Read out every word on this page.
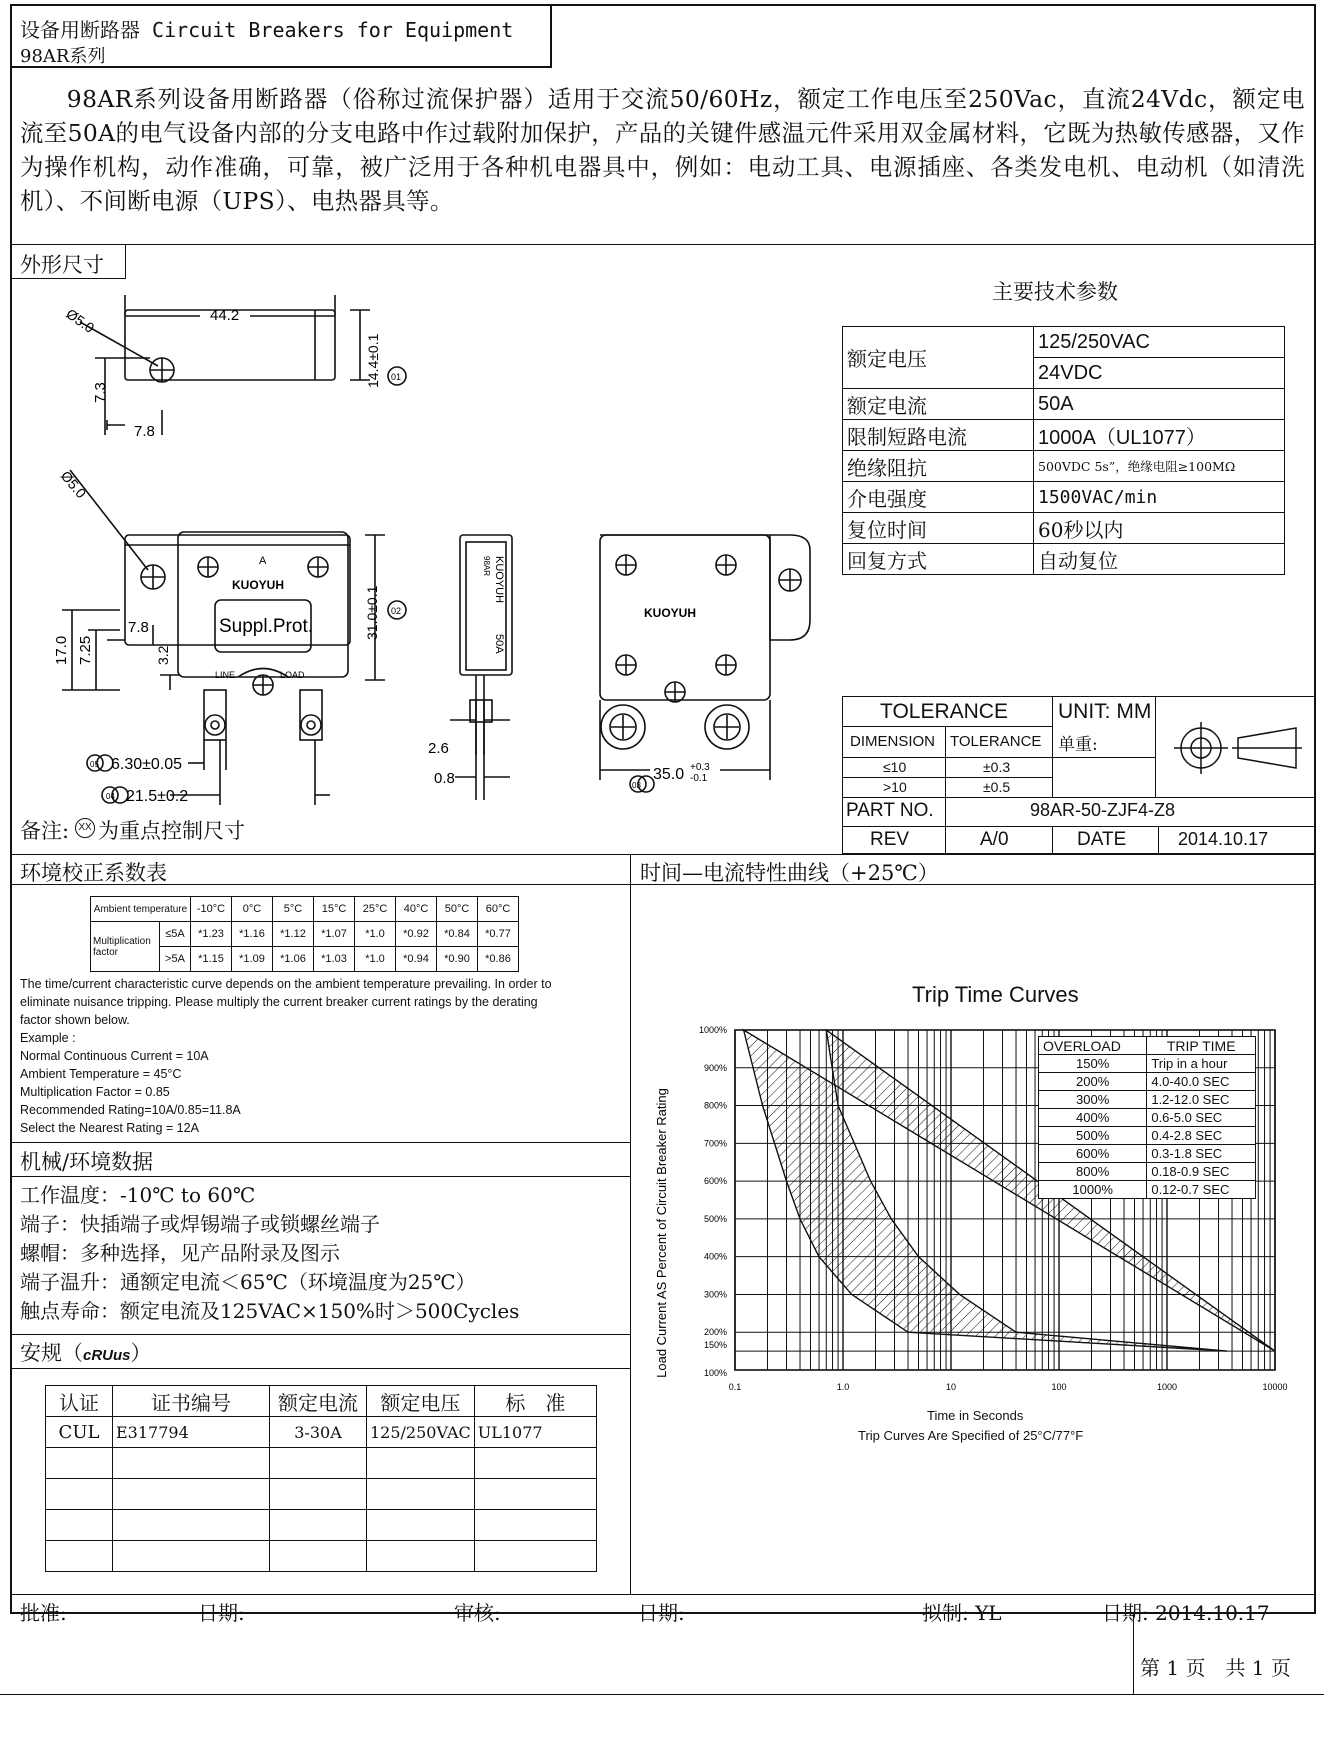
设备用断路器 Circuit Breakers for Equipment
98AR系列
98AR系列设备用断路器（俗称过流保护器）适用于交流50/60Hz，额定工作电压至250Vac，直流24Vdc，额定电流至50A的电气设备内部的分支电路中作过载附加保护，产品的关键件感温元件采用双金属材料，它既为热敏传感器，又作为操作机构，动作准确，可靠，被广泛用于各种机电器具中，例如：电动工具、电源插座、各类发电机、电动机（如清洗机）、不间断电源（UPS）、电热器具等。
外形尺寸
44.2
Ø5.0
7.3
7.8
14.4±0.1 01
Ø5.0
7.8
17.0 7.25	3.2
31.0±0.1 02
A
KUOYUH
Suppl.Prot.
LINE	LOAD
05 6.30±0.05
04 21.5±0.2
KUOYUH
98AR
50A
2.6
0.8
KUOYUH
03
35.0 +0.3
-0.1
备注: XX 为重点控制尺寸
主要技术参数
额定电压	125/250VAC
	24VDC
额定电流	50A
限制短路电流	1000A（UL1077）
绝缘阻抗	500VDC 5s”，绝缘电阻≥100MΩ
介电强度	1500VAC/min
复位时间	60秒以内
回复方式	自动复位
TOLERANCE UNIT: MM
DIMENSION TOLERANCE 单重:
≤10	±0.3
>10	±0.5
PART NO.	98AR-50-ZJF4-Z8
REV	A/0	DATE	2014.10.17
环境校正系数表
Ambient temperature		-10°C	0°C	5°C	15°C	25°C	40°C	50°C	60°C
Multiplication factor	≤5A	*1.23	*1.16	*1.12	*1.07	*1.0	*0.92	*0.84	*0.77
	>5A	*1.15	*1.09	*1.06	*1.03	*1.0	*0.94	*0.90	*0.86
The time/current characteristic curve depends on the ambient temperature prevailing. In order to
eliminate nuisance tripping. Please multiply the current breaker current ratings by the derating
factor shown below.
Example :
Normal Continuous Current = 10A
Ambient Temperature = 45°C
Multiplication Factor = 0.85
Recommended Rating=10A/0.85=11.8A
Select the Nearest Rating = 12A
机械/环境数据
工作温度：-10℃ to 60℃
端子：快插端子或焊锡端子或锁螺丝端子
螺帽：多种选择，见产品附录及图示
端子温升：通额定电流＜65℃（环境温度为25℃）
触点寿命：额定电流及125VAC×150%时＞500Cycles
安规（cRUus）
认证	证书编号	额定电流	额定电压	标　准
CUL	E317794	3-30A	125/250VAC	UL1077

时间—电流特性曲线（+25℃）
Trip Time Curves
1000%
900%
800%
700%
600%
500%
400%
300%
200%
150%
100%
0.1	1.0	10	100	1000	10000
Load Current AS Percent of Circuit Breaker Rating
Time in Seconds
Trip Curves Are Specified of 25°C/77°F
OVERLOAD	TRIP TIME
150%	Trip in a hour
200%	4.0-40.0 SEC
300%	1.2-12.0 SEC
400%	0.6-5.0 SEC
500%	0.4-2.8 SEC
600%	0.3-1.8 SEC
800%	0.18-0.9 SEC
1000%	0.12-0.7 SEC
批准:	日期:	审核:	日期:	拟制: YL	日期: 2014.10.17
第 1 页　共 1 页
